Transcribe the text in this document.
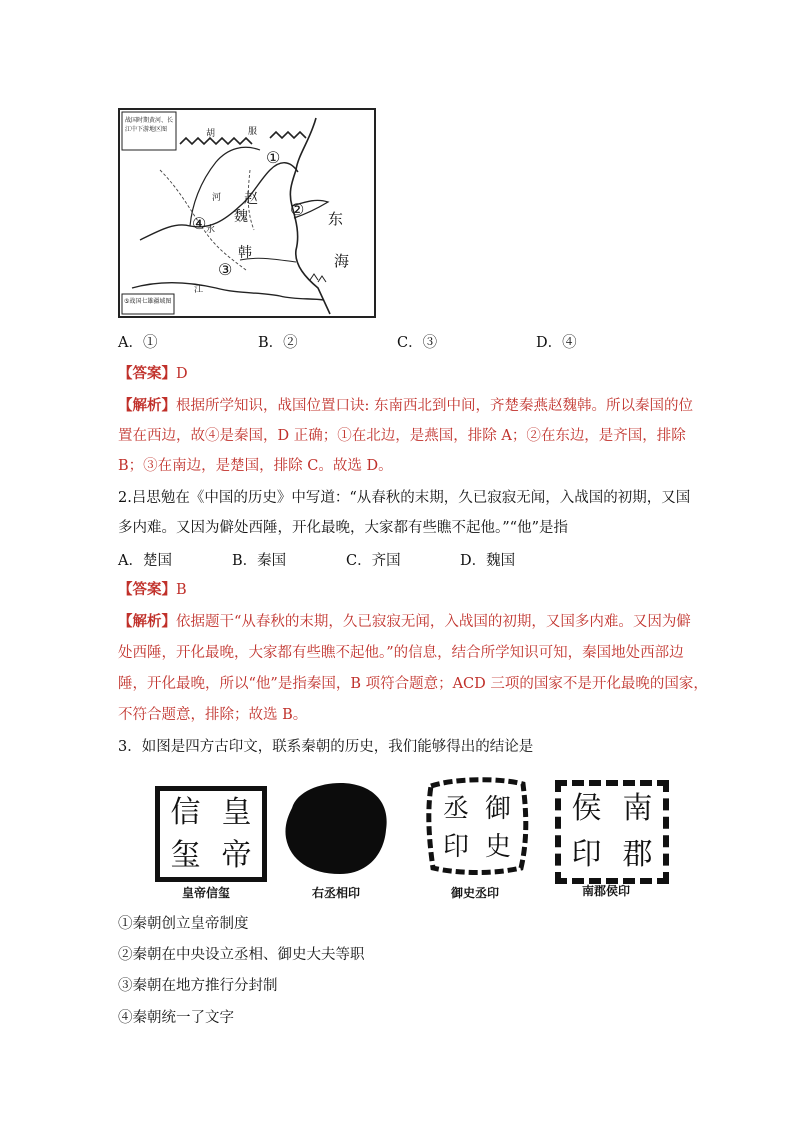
战国时期黄河、长江中下游地区图
⑤战国七雄疆域图
胡	服
①
②
③
④
赵
魏
韩
东
海
河
水
江
A．①	B．②	C．③	D．④
【答案】D
【解析】根据所学知识，战国位置口诀: 东南西北到中间，齐楚秦燕赵魏韩。所以秦国的位
置在西边，故④是秦国，D 正确；①在北边，是燕国，排除 A；②在东边，是齐国，排除
B；③在南边，是楚国，排除 C。故选 D。
2.吕思勉在《中国的历史》中写道：“从春秋的末期，久已寂寂无闻，入战国的初期，又国
多内难。又因为僻处西陲，开化最晚，大家都有些瞧不起他。”“他”是指
A．楚国	B．秦国	C．齐国	D．魏国
【答案】B
【解析】依据题干“从春秋的末期，久已寂寂无闻，入战国的初期，又国多内难。又因为僻
处西陲，开化最晚，大家都有些瞧不起他。”的信息，结合所学知识可知，秦国地处西部边
陲，开化最晚，所以“他”是指秦国，B 项符合题意；ACD 三项的国家不是开化最晚的国家，
不符合题意，排除；故选 B。
3．如图是四方古印文，联系秦朝的历史，我们能够得出的结论是
信 皇
玺 帝
皇帝信玺	右丞相印
丞 御
印 史
御史丞印
侯 南
印 郡
南郡侯印
①秦朝创立皇帝制度
②秦朝在中央设立丞相、御史大夫等职
③秦朝在地方推行分封制
④秦朝统一了文字
